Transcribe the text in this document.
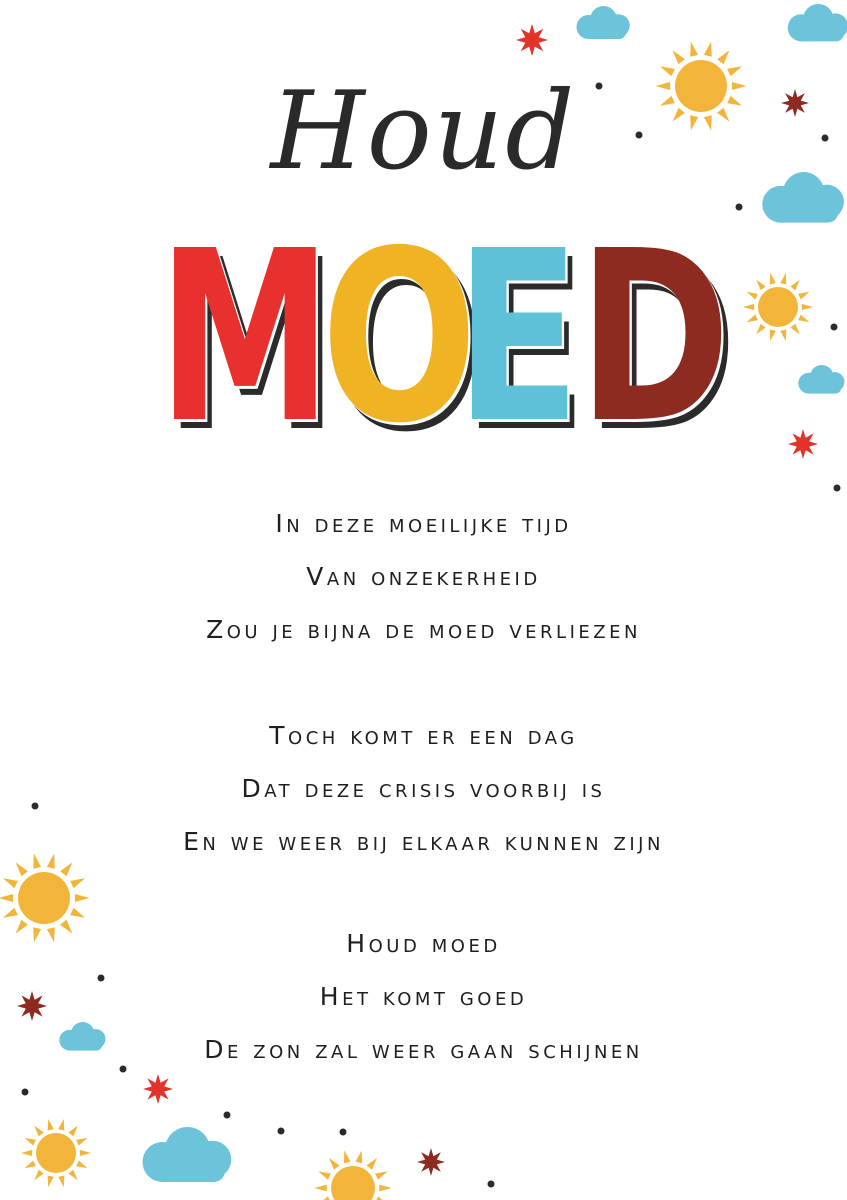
Houd
M
O
E D
In deze moeilijke tijd
Van onzekerheid
Zou je bijna de moed verliezen
Toch komt er een dag
Dat deze crisis voorbij is
En we weer bij elkaar kunnen zijn
Houd moed
Het komt goed
De zon zal weer gaan schijnen
